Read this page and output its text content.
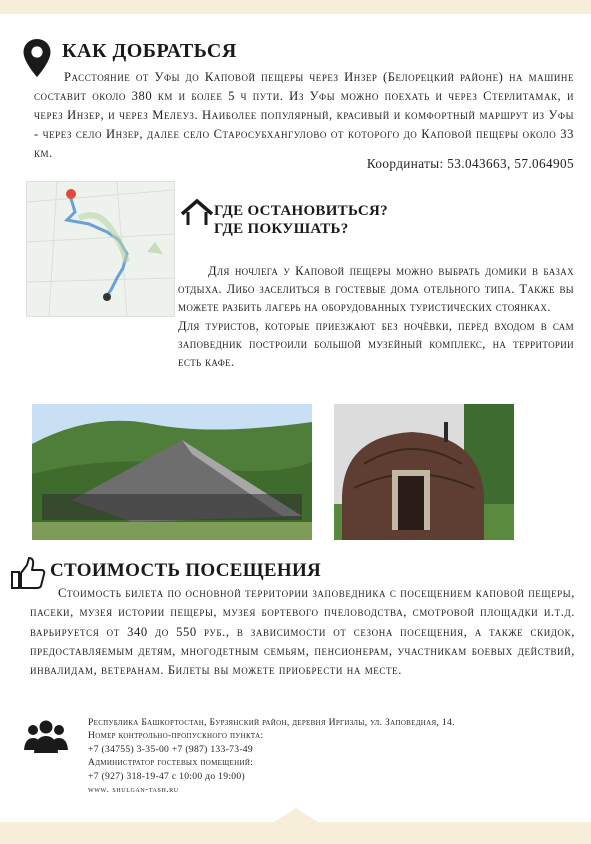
КАК ДОБРАТЬСЯ
Расстояние от Уфы до Каповой пещеры через Инзер (Белорецкий районе) на машине составит около 380 км и более 5 ч пути. Из Уфы можно поехать и через Стерлитамак, и через Инзер, и через Мелеуз. Наиболее популярный, красивый и комфортный маршрут из Уфы - через село Инзер, далее село Старосубхангулово от которого до Каповой пещеры около 33 км.
Координаты: 53.043663, 57.064905
ГДЕ ОСТАНОВИТЬСЯ?
ГДЕ ПОКУШАТЬ?
Для ночлега у Каповой пещеры можно выбрать домики в базах отдыха. Либо заселиться в гостевые дома отельного типа. Также вы можете разбить лагерь на оборудованных туристических стоянках.
Для туристов, которые приезжают без ночёвки, перед входом в сам заповедник построили большой музейный комплекс, на территории есть кафе.
СТОИМОСТЬ ПОСЕЩЕНИЯ
Стоимость билета по основной территории заповедника с посещением каповой пещеры, пасеки, музея истории пещеры, музея бортевого пчеловодства, смотровой площадки и.т.д. варьируется от 340 до 550 руб., в зависимости от сезона посещения, а также скидок, предоставляемым детям, многодетным семьям, пенсионерам, участникам боевых действий, инвалидам, ветеранам. Билеты вы можете приобрести на месте.
Республика Башкортостан, Бурзянский район, деревня Иргизлы, ул. Заповедная, 14.
Номер контрольно-пропускного пункта:
+7 (34755) 3-35-00 +7 (987) 133-73-49
Администратор гостевых помещений:
+7 (927) 318-19-47 с 10:00 до 19:00)
www. shulgan-tash.ru
